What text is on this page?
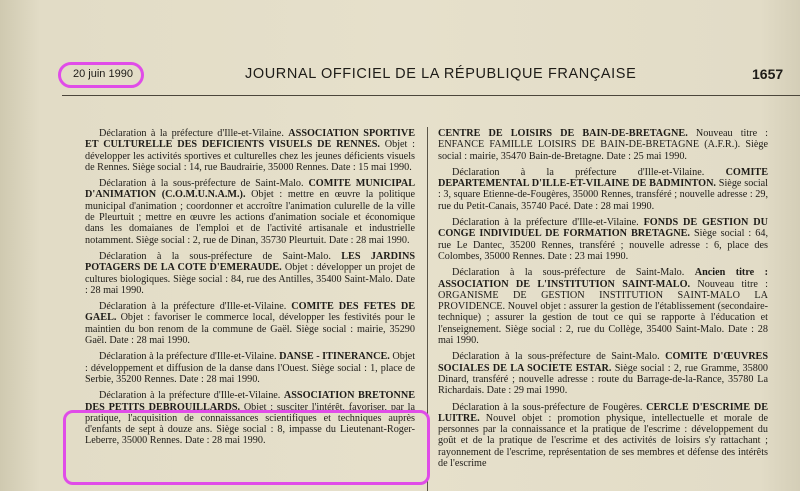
20 juin 1990	JOURNAL OFFICIEL DE LA RÉPUBLIQUE FRANÇAISE	1657

Déclaration à la préfecture d'Ille-et-Vilaine. ASSOCIATION SPORTIVE ET CULTURELLE DES DEFICIENTS VISUELS DE RENNES. Objet : développer les activités sportives et culturelles chez les jeunes déficients visuels de Rennes. Siège social : 14, rue Baudrairie, 35000 Rennes. Date : 15 mai 1990.

Déclaration à la sous-préfecture de Saint-Malo. COMITE MUNICIPAL D'ANIMATION (C.O.M.U.N.A.M.). Objet : mettre en œuvre la politique municipal d'animation ; coordonner et accroître l'animation culurelle de la ville de Pleurtuit ; mettre en œuvre les actions d'animation sociale et économique dans les domaianes de l'emploi et de l'activité artisanale et industrielle notamment. Siège social : 2, rue de Dinan, 35730 Pleurtuit. Date : 28 mai 1990.

Déclaration à la sous-préfecture de Saint-Malo. LES JARDINS POTAGERS DE LA COTE D'EMERAUDE. Objet : développer un projet de cultures biologiques. Siège social : 84, rue des Antilles, 35400 Saint-Malo. Date : 28 mai 1990.

Déclaration à la préfecture d'Ille-et-Vilaine. COMITE DES FETES DE GAEL. Objet : favoriser le commerce local, développer les festivités pour le maintien du bon renom de la commune de Gaël. Siège social : mairie, 35290 Gaël. Date : 28 mai 1990.

Déclaration à la préfecture d'Ille-et-Vilaine. DANSE - ITINERANCE. Objet : développement et diffusion de la danse dans l'Ouest. Siège social : 1, place de Serbie, 35200 Rennes. Date : 28 mai 1990.

Déclaration à la préfecture d'Ille-et-Vilaine. ASSOCIATION BRETONNE DES PETITS DEBROUILLARDS. Objet : susciter l'intérêt, favoriser, par la pratique, l'acquisition de connaissances scientifiques et techniques auprès d'enfants de sept à douze ans. Siège social : 8, impasse du Lieutenant-Roger-Leberre, 35000 Rennes. Date : 28 mai 1990.

CENTRE DE LOISIRS DE BAIN-DE-BRETAGNE. Nouveau titre : ENFANCE FAMILLE LOISIRS DE BAIN-DE-BRETAGNE (A.F.R.). Siège social : mairie, 35470 Bain-de-Bretagne. Date : 25 mai 1990.

Déclaration à la préfecture d'Ille-et-Vilaine. COMITE DEPARTEMENTAL D'ILLE-ET-VILAINE DE BADMINTON. Siège social : 3, square Etienne-de-Fougères, 35000 Rennes, transféré ; nouvelle adresse : 29, rue du Petit-Canais, 35740 Pacé. Date : 28 mai 1990.

Déclaration à la préfecture d'Ille-et-Vilaine. FONDS DE GESTION DU CONGE INDIVIDUEL DE FORMATION BRETAGNE. Siège social : 64, rue Le Dantec, 35200 Rennes, transféré ; nouvelle adresse : 6, place des Colombes, 35000 Rennes. Date : 23 mai 1990.

Déclaration à la sous-préfecture de Saint-Malo. Ancien titre : ASSOCIATION DE L'INSTITUTION SAINT-MALO. Nouveau titre : ORGANISME DE GESTION INSTITUTION SAINT-MALO LA PROVIDENCE. Nouvel objet : assurer la gestion de l'établissement (secondaire-technique) ; assurer la gestion de tout ce qui se rapporte à l'éducation et l'enseignement. Siège social : 2, rue du Collège, 35400 Saint-Malo. Date : 28 mai 1990.

Déclaration à la sous-préfecture de Saint-Malo. COMITE D'ŒUVRES SOCIALES DE LA SOCIETE ESTAR. Siège social : 2, rue Gramme, 35800 Dinard, transféré ; nouvelle adresse : route du Barrage-de-la-Rance, 35780 La Richardais. Date : 29 mai 1990.

Déclaration à la sous-préfecture de Fougères. CERCLE D'ESCRIME DE LUITRE. Nouvel objet : promotion physique, intellectuelle et morale de personnes par la connaissance et la pratique de l'escrime : développement du goût et de la pratique de l'escrime et des activités de loisirs s'y rattachant ; rayonnement de l'escrime, représentation de ses membres et défense des intérêts de l'escrime
